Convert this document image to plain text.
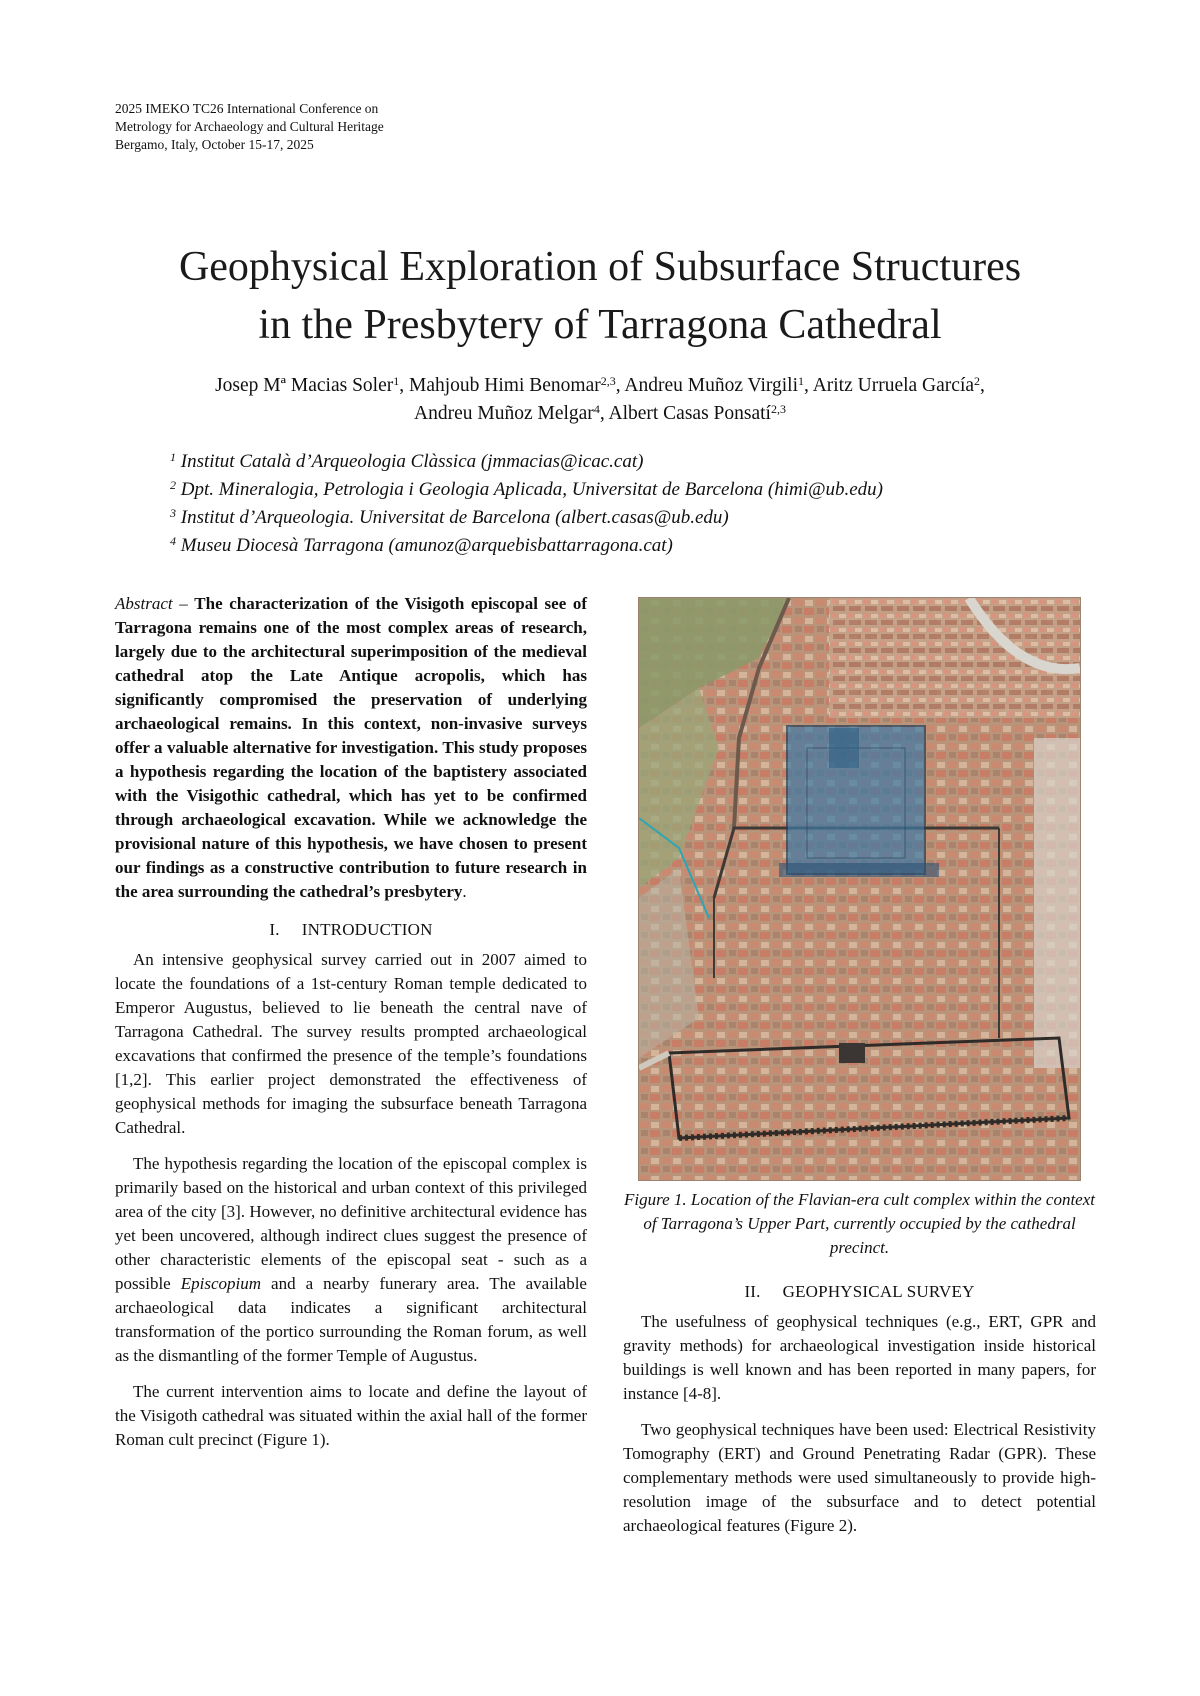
2025 IMEKO TC26 International Conference on
Metrology for Archaeology and Cultural Heritage
Bergamo, Italy, October 15-17, 2025
Geophysical Exploration of Subsurface Structures
in the Presbytery of Tarragona Cathedral
Josep Mª Macias Soler$^1$, Mahjoub Himi Benomar$^{2,3}$, Andreu Muñoz Virgili$^1$, Aritz Urruela García$^2$,
Andreu Muñoz Melgar$^4$, Albert Casas Ponsatí$^{2,3}$
$^1$ Institut Català d’Arqueologia Clàssica (jmmacias@icac.cat)
$^2$ Dpt. Mineralogia, Petrologia i Geologia Aplicada, Universitat de Barcelona (himi@ub.edu)
$^3$ Institut d’Arqueologia. Universitat de Barcelona (albert.casas@ub.edu)
$^4$ Museu Diocesà Tarragona (amunoz@arquebisbattarragona.cat)

Abstract – The characterization of the Visigoth episcopal see of Tarragona remains one of the most complex areas of research, largely due to the architectural superimposition of the medieval cathedral atop the Late Antique acropolis, which has significantly compromised the preservation of underlying archaeological remains. In this context, non-invasive surveys offer a valuable alternative for investigation. This study proposes a hypothesis regarding the location of the baptistery associated with the Visigothic cathedral, which has yet to be confirmed through archaeological excavation. While we acknowledge the provisional nature of this hypothesis, we have chosen to present our findings as a constructive contribution to future research in the area surrounding the cathedral’s presbytery.

I. INTRODUCTION

An intensive geophysical survey carried out in 2007 aimed to locate the foundations of a 1st-century Roman temple dedicated to Emperor Augustus, believed to lie beneath the central nave of Tarragona Cathedral. The survey results prompted archaeological excavations that confirmed the presence of the temple’s foundations [1,2]. This earlier project demonstrated the effectiveness of geophysical methods for imaging the subsurface beneath Tarragona Cathedral.

The hypothesis regarding the location of the episcopal complex is primarily based on the historical and urban context of this privileged area of the city [3]. However, no definitive architectural evidence has yet been uncovered, although indirect clues suggest the presence of other characteristic elements of the episcopal seat - such as a possible Episcopium and a nearby funerary area. The available archaeological data indicates a significant architectural transformation of the portico surrounding the Roman forum, as well as the dismantling of the former Temple of Augustus.

The current intervention aims to locate and define the layout of the Visigoth cathedral was situated within the axial hall of the former Roman cult precinct (Figure 1).

Figure 1. Location of the Flavian-era cult complex within the context of Tarragona’s Upper Part, currently occupied by the cathedral precinct.
II. GEOPHYSICAL SURVEY

The usefulness of geophysical techniques (e.g., ERT, GPR and gravity methods) for archaeological investigation inside historical buildings is well known and has been reported in many papers, for instance [4-8].

Two geophysical techniques have been used: Electrical Resistivity Tomography (ERT) and Ground Penetrating Radar (GPR). These complementary methods were used simultaneously to provide high-resolution image of the subsurface and to detect potential archaeological features (Figure 2).
